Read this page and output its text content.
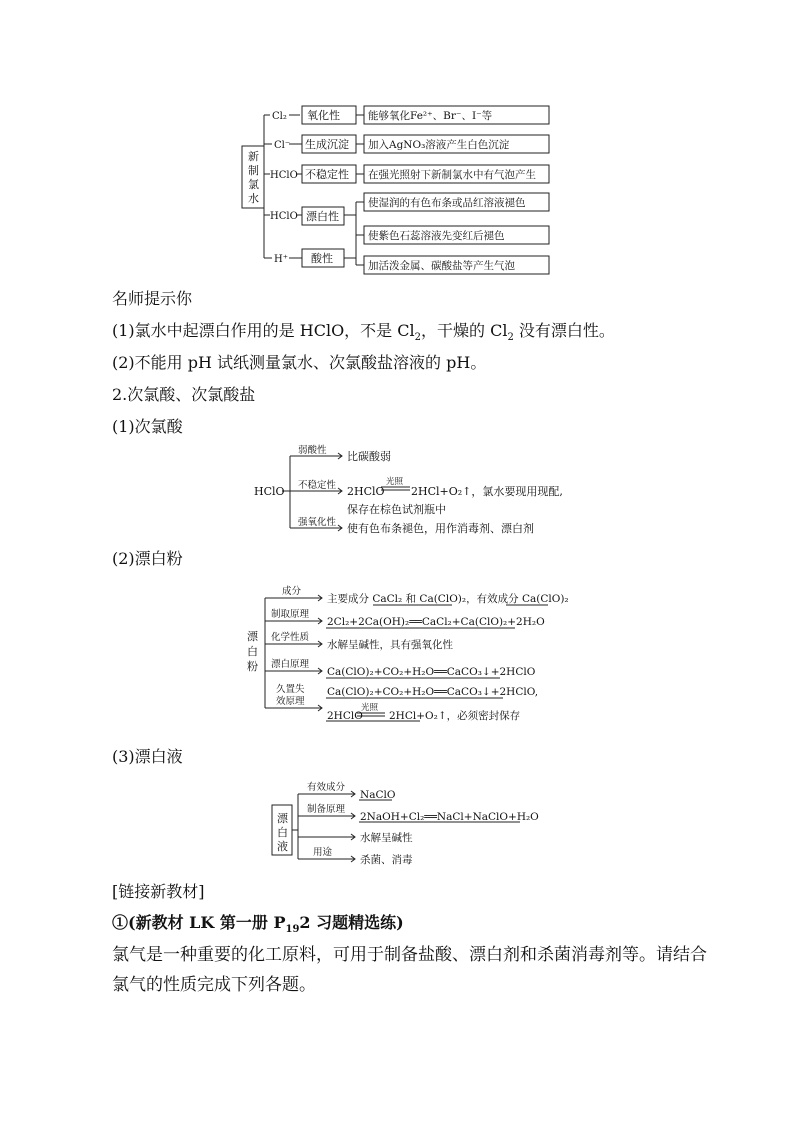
新
制
氯
水
Cl₂
Cl⁻
HClO
HClO
H⁺
氧化性
生成沉淀
不稳定性
漂白性
酸性
能够氧化Fe²⁺、Br⁻、I⁻等
加入AgNO₃溶液产生白色沉淀
在强光照射下新制氯水中有气泡产生
使湿润的有色布条或品红溶液褪色
使紫色石蕊溶液先变红后褪色
加活泼金属、碳酸盐等产生气泡
名师提示你
(1)氯水中起漂白作用的是 HClO，不是 $Cl_2$，干燥的 $Cl_2$ 没有漂白性。
(2)不能用 pH 试纸测量氯水、次氯酸盐溶液的 pH。
2.次氯酸、次氯酸盐
(1)次氯酸
HClO
弱酸性
不稳定性
强氧化性
比碳酸弱
2HClO
光照
2HCl+O₂↑，氯水要现用现配,
保存在棕色试剂瓶中
使有色布条褪色，用作消毒剂、漂白剂
(2)漂白粉
漂
白
粉
成分
制取原理
化学性质
漂白原理
久置失
效原理
主要成分 CaCl₂ 和 Ca(ClO)₂，有效成分 Ca(ClO)₂
2Cl₂+2Ca(OH)₂══CaCl₂+Ca(ClO)₂+2H₂O
水解呈碱性，具有强氧化性
Ca(ClO)₂+CO₂+H₂O══CaCO₃↓+2HClO
Ca(ClO)₂+CO₂+H₂O══CaCO₃↓+2HClO,
2HClO
光照
2HCl+O₂↑，必须密封保存
(3)漂白液
漂
白
液
有效成分
制备原理
用途
NaClO
2NaOH+Cl₂══NaCl+NaClO+H₂O
水解呈碱性
杀菌、消毒
[链接新教材]
①(新教材 LK 第一册 $P_{19}2$ 习题精选练)
氯气是一种重要的化工原料，可用于制备盐酸、漂白剂和杀菌消毒剂等。请结合
氯气的性质完成下列各题。
